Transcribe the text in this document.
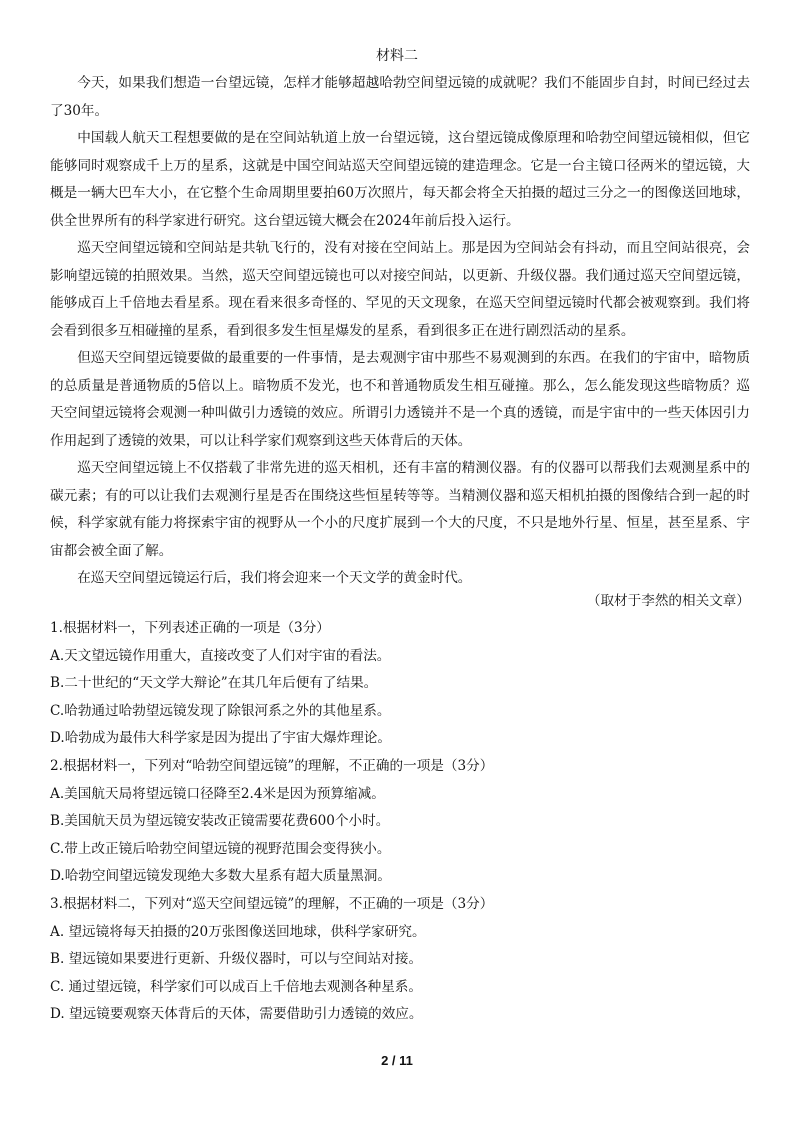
材料二

今天，如果我们想造一台望远镜，怎样才能够超越哈勃空间望远镜的成就呢？我们不能固步自封，时间已经过去了30年。

中国载人航天工程想要做的是在空间站轨道上放一台望远镜，这台望远镜成像原理和哈勃空间望远镜相似，但它能够同时观察成千上万的星系，这就是中国空间站巡天空间望远镜的建造理念。它是一台主镜口径两米的望远镜，大概是一辆大巴车大小，在它整个生命周期里要拍60万次照片，每天都会将全天拍摄的超过三分之一的图像送回地球，供全世界所有的科学家进行研究。这台望远镜大概会在2024年前后投入运行。

巡天空间望远镜和空间站是共轨飞行的，没有对接在空间站上。那是因为空间站会有抖动，而且空间站很亮，会影响望远镜的拍照效果。当然，巡天空间望远镜也可以对接空间站，以更新、升级仪器。我们通过巡天空间望远镜，能够成百上千倍地去看星系。现在看来很多奇怪的、罕见的天文现象，在巡天空间望远镜时代都会被观察到。我们将会看到很多互相碰撞的星系，看到很多发生恒星爆发的星系，看到很多正在进行剧烈活动的星系。

但巡天空间望远镜要做的最重要的一件事情，是去观测宇宙中那些不易观测到的东西。在我们的宇宙中，暗物质的总质量是普通物质的5倍以上。暗物质不发光，也不和普通物质发生相互碰撞。那么，怎么能发现这些暗物质？巡天空间望远镜将会观测一种叫做引力透镜的效应。所谓引力透镜并不是一个真的透镜，而是宇宙中的一些天体因引力作用起到了透镜的效果，可以让科学家们观察到这些天体背后的天体。

巡天空间望远镜上不仅搭载了非常先进的巡天相机，还有丰富的精测仪器。有的仪器可以帮我们去观测星系中的碳元素；有的可以让我们去观测行星是否在围绕这些恒星转等等。当精测仪器和巡天相机拍摄的图像结合到一起的时候，科学家就有能力将探索宇宙的视野从一个小的尺度扩展到一个大的尺度，不只是地外行星、恒星，甚至星系、宇宙都会被全面了解。

在巡天空间望远镜运行后，我们将会迎来一个天文学的黄金时代。

（取材于李然的相关文章）

1.根据材料一，下列表述正确的一项是（3分）

A.天文望远镜作用重大，直接改变了人们对宇宙的看法。

B.二十世纪的“天文学大辩论”在其几年后便有了结果。

C.哈勃通过哈勃望远镜发现了除银河系之外的其他星系。

D.哈勃成为最伟大科学家是因为提出了宇宙大爆炸理论。

2.根据材料一，下列对“哈勃空间望远镜”的理解，不正确的一项是（3分）

A.美国航天局将望远镜口径降至2.4米是因为预算缩减。

B.美国航天员为望远镜安装改正镜需要花费600个小时。

C.带上改正镜后哈勃空间望远镜的视野范围会变得狭小。

D.哈勃空间望远镜发现绝大多数大星系有超大质量黑洞。

3.根据材料二，下列对“巡天空间望远镜”的理解，不正确的一项是（3分）

A. 望远镜将每天拍摄的20万张图像送回地球，供科学家研究。

B. 望远镜如果要进行更新、升级仪器时，可以与空间站对接。

C. 通过望远镜，科学家们可以成百上千倍地去观测各种星系。

D. 望远镜要观察天体背后的天体，需要借助引力透镜的效应。

2 / 11
